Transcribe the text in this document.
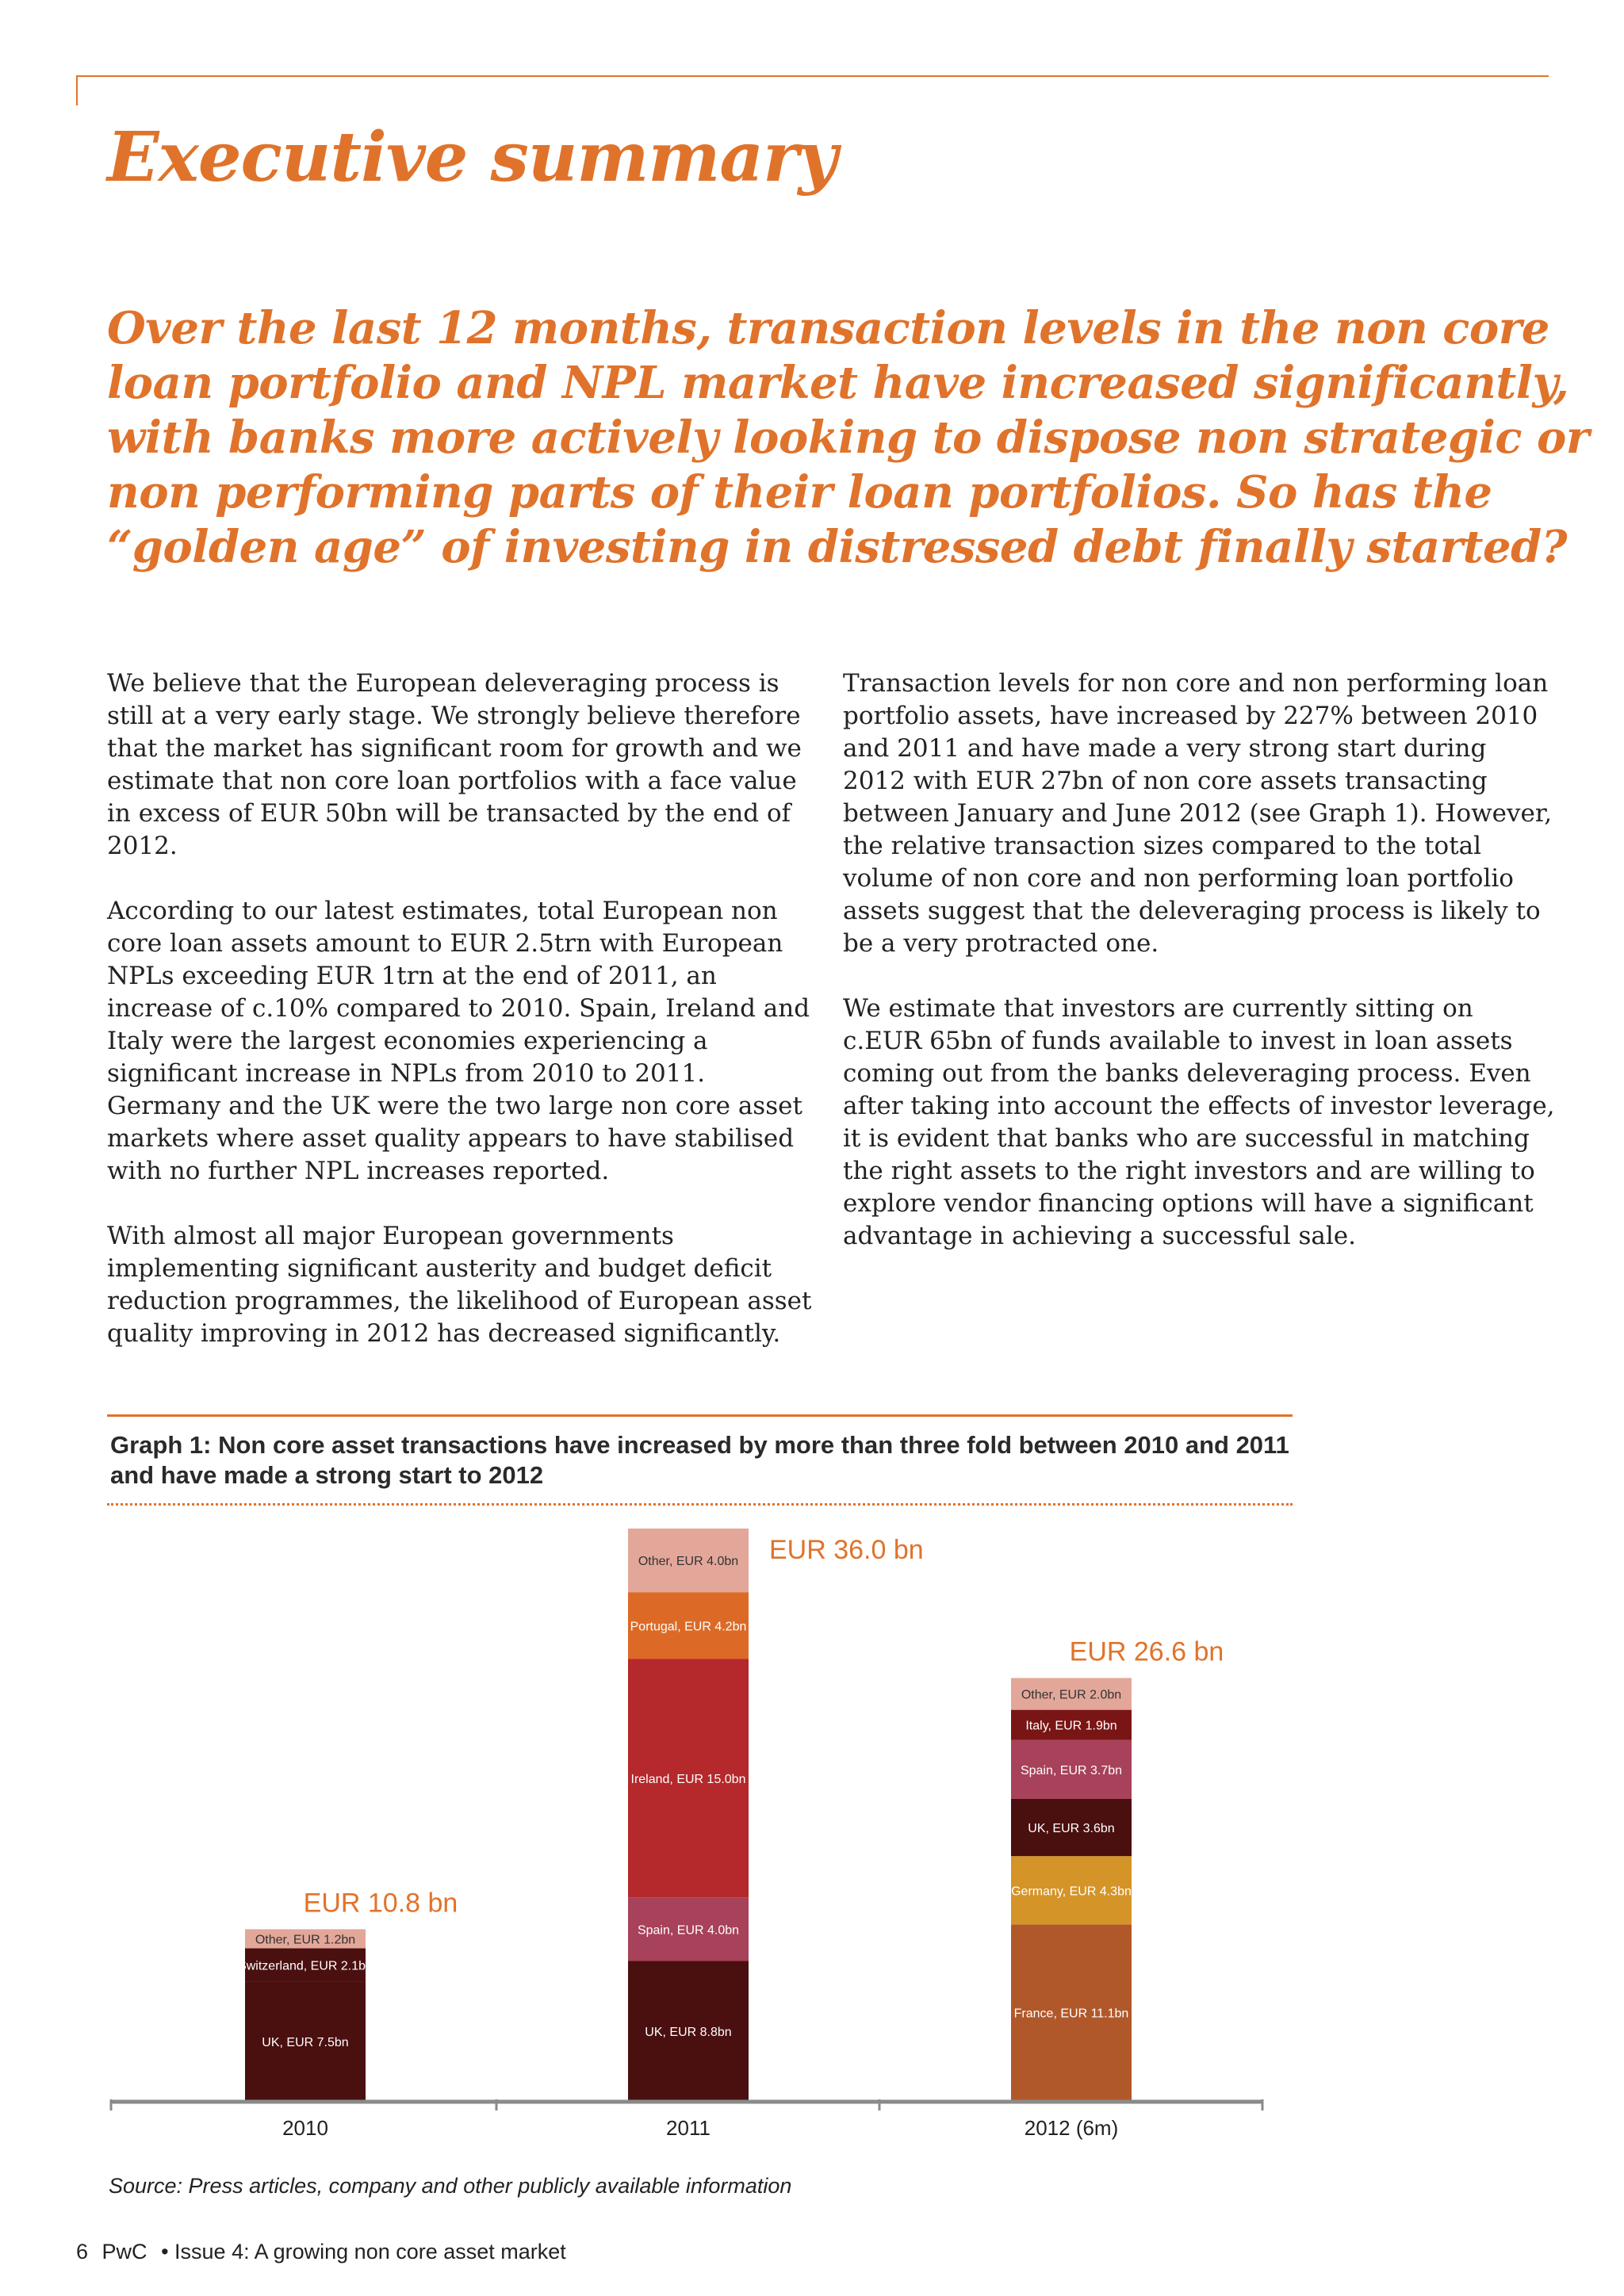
Executive summary
Over the last 12 months, transaction levels in the non core loan portfolio and NPL market have increased significantly, with banks more actively looking to dispose non strategic or non performing parts of their loan portfolios. So has the “golden age” of investing in distressed debt finally started?

We believe that the European deleveraging process is still at a very early stage. We strongly believe therefore that the market has significant room for growth and we estimate that non core loan portfolios with a face value in excess of EUR 50bn will be transacted by the end of 2012.

According to our latest estimates, total European non core loan assets amount to EUR 2.5trn with European NPLs exceeding EUR 1trn at the end of 2011, an increase of c.10% compared to 2010. Spain, Ireland and Italy were the largest economies experiencing a significant increase in NPLs from 2010 to 2011. Germany and the UK were the two large non core asset markets where asset quality appears to have stabilised with no further NPL increases reported.

With almost all major European governments implementing significant austerity and budget deficit reduction programmes, the likelihood of European asset quality improving in 2012 has decreased significantly.

Transaction levels for non core and non performing loan portfolio assets, have increased by 227% between 2010 and 2011 and have made a very strong start during 2012 with EUR 27bn of non core assets transacting between January and June 2012 (see Graph 1). However, the relative transaction sizes compared to the total volume of non core and non performing loan portfolio assets suggest that the deleveraging process is likely to be a very protracted one.

We estimate that investors are currently sitting on c.EUR 65bn of funds available to invest in loan assets coming out from the banks deleveraging process. Even after taking into account the effects of investor leverage, it is evident that banks who are successful in matching the right assets to the right investors and are willing to explore vendor financing options will have a significant advantage in achieving a successful sale.

Graph 1: Non core asset transactions have increased by more than three fold between 2010 and 2011 and have made a strong start to 2012
UK, EUR 7.5bn
Switzerland, EUR 2.1bn
Other, EUR 1.2bn
EUR 10.8 bn
2010
UK, EUR 8.8bn
Spain, EUR 4.0bn
Ireland, EUR 15.0bn
Portugal, EUR 4.2bn
Other, EUR 4.0bn EUR 36.0 bn
2011
France, EUR 11.1bn
Germany, EUR 4.3bn
UK, EUR 3.6bn
Spain, EUR 3.7bn
Italy, EUR 1.9bn
Other, EUR 2.0bn
EUR 26.6 bn
2012 (6m)
Source: Press articles, company and other publicly available information
6 PwC • Issue 4: A growing non core asset market
